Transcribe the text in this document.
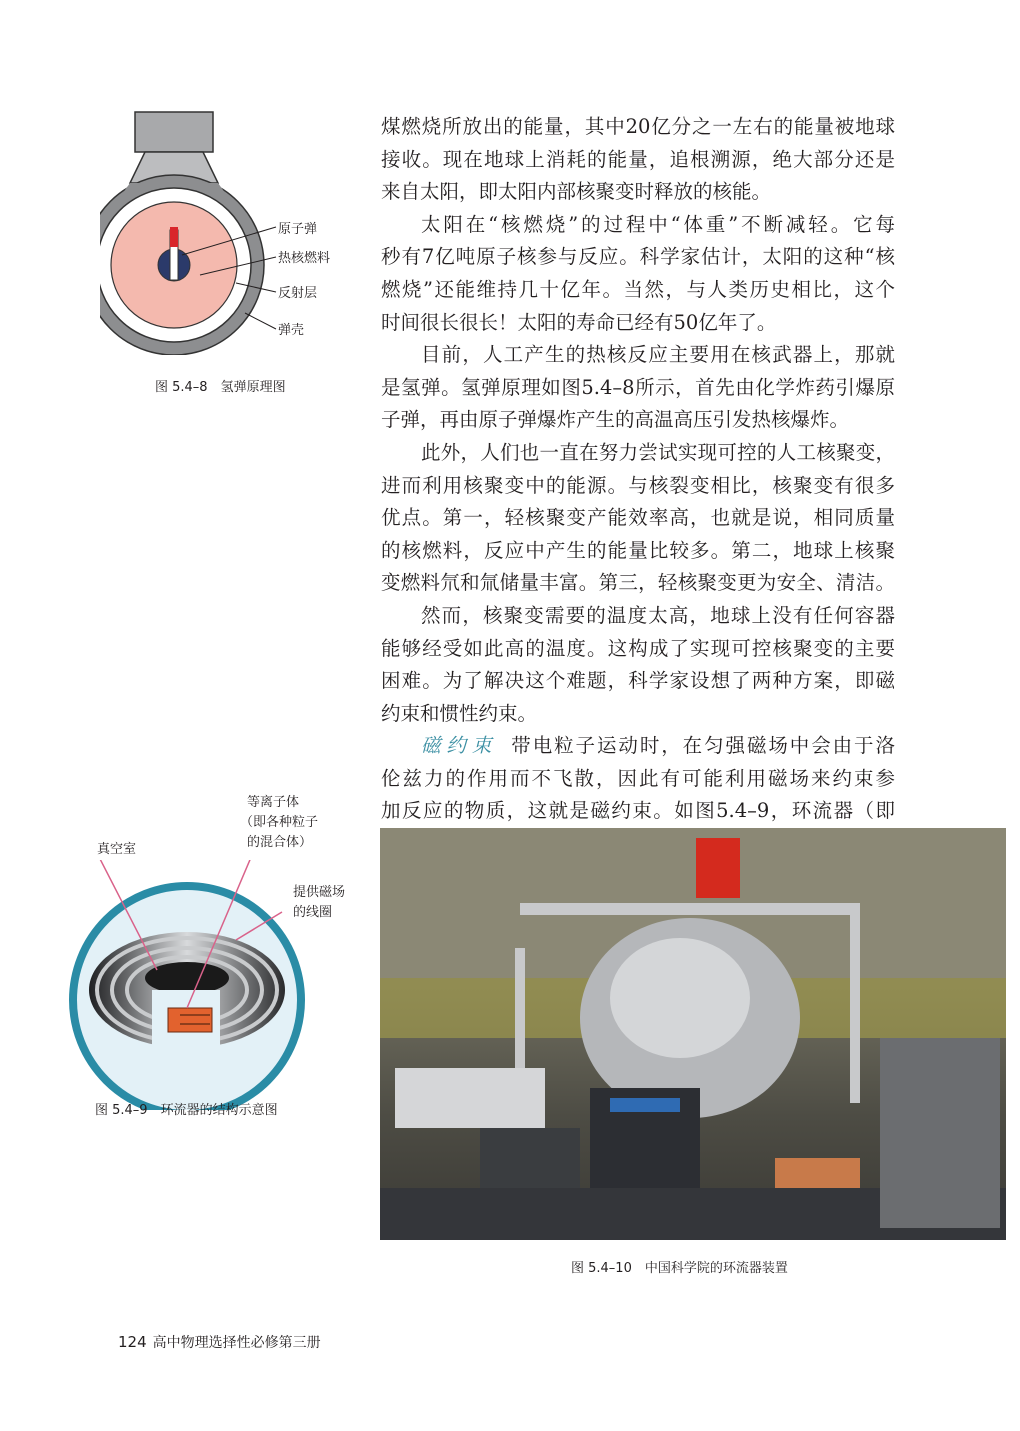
原子弹
热核燃料
反射层
弹壳
图 5.4–8　氢弹原理图
煤燃烧所放出的能量，其中20亿分之一左右的能量被地球
接收。现在地球上消耗的能量，追根溯源，绝大部分还是
来自太阳，即太阳内部核聚变时释放的核能。
太阳在“核燃烧”的过程中“体重”不断减轻。它每
秒有7亿吨原子核参与反应。科学家估计，太阳的这种“核
燃烧”还能维持几十亿年。当然，与人类历史相比，这个
时间很长很长！太阳的寿命已经有50亿年了。
目前，人工产生的热核反应主要用在核武器上，那就
是氢弹。氢弹原理如图5.4–8所示，首先由化学炸药引爆原
子弹，再由原子弹爆炸产生的高温高压引发热核爆炸。
此外，人们也一直在努力尝试实现可控的人工核聚变，
进而利用核聚变中的能源。与核裂变相比，核聚变有很多
优点。第一，轻核聚变产能效率高，也就是说，相同质量
的核燃料，反应中产生的能量比较多。第二，地球上核聚
变燃料氘和氚储量丰富。第三，轻核聚变更为安全、清洁。
然而，核聚变需要的温度太高，地球上没有任何容器
能够经受如此高的温度。这构成了实现可控核聚变的主要
困难。为了解决这个难题，科学家设想了两种方案，即磁
约束和惯性约束。
磁约束 带电粒子运动时，在匀强磁场中会由于洛
伦兹力的作用而不飞散，因此有可能利用磁场来约束参
加反应的物质，这就是磁约束。如图5.4–9，环流器（即
等离子体
（即各种粒子
的混合体）
真空室
提供磁场
的线圈
图 5.4–9　环流器的结构示意图
图 5.4–10　中国科学院的环流器装置
124 高中物理选择性必修第三册
